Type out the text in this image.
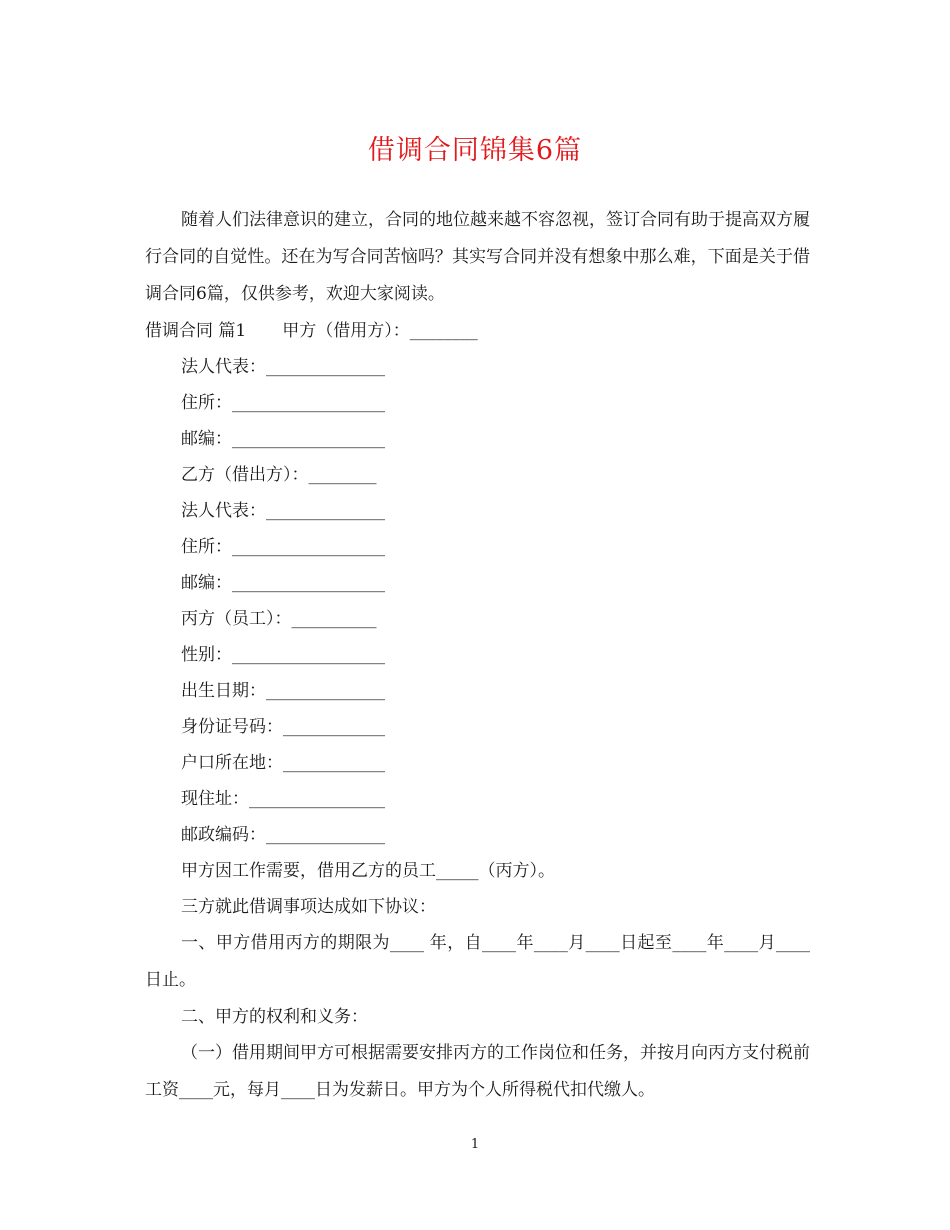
借调合同锦集6篇
随着人们法律意识的建立，合同的地位越来越不容忽视，签订合同有助于提高双方履行合同的自觉性。还在为写合同苦恼吗？其实写合同并没有想象中那么难，下面是关于借调合同6篇，仅供参考，欢迎大家阅读。
借调合同 篇1 甲方（借用方）：________
法人代表：______________
住所：__________________
邮编：__________________
乙方（借出方）：________
法人代表：______________
住所：__________________
邮编：__________________
丙方（员工）：__________
性别：__________________
出生日期：______________
身份证号码：____________
户口所在地：____________
现住址：________________
邮政编码：______________
甲方因工作需要，借用乙方的员工_____（丙方）。
三方就此借调事项达成如下协议：
一、甲方借用丙方的期限为____ 年，自____年____月____日起至____年____月____日止。
二、甲方的权利和义务：
（一）借用期间甲方可根据需要安排丙方的工作岗位和任务，并按月向丙方支付税前工资____元，每月____日为发薪日。甲方为个人所得税代扣代缴人。
1
